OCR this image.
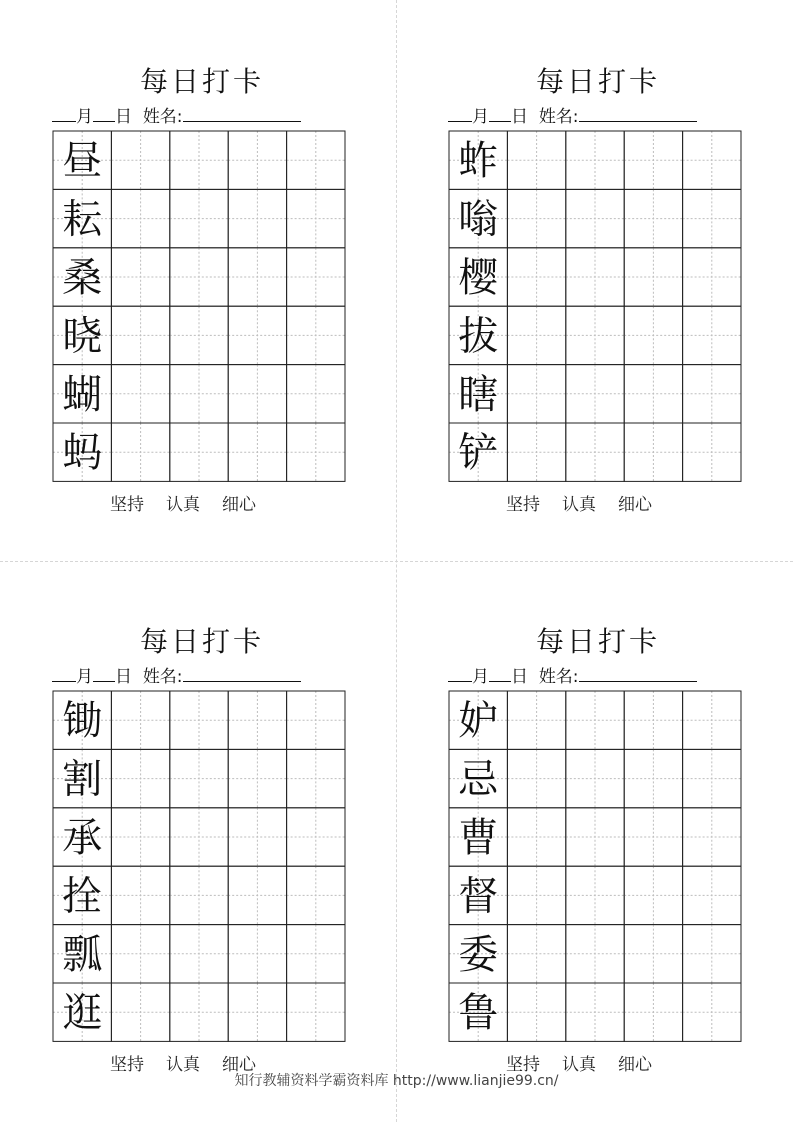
每日打卡
月 日 姓名:
坚持 认真 细心
昼
耘
桑
晓
蝴
蚂
每日打卡
月 日 姓名:
坚持 认真 细心
蚱
嗡
樱
拔
瞎
铲
每日打卡
月 日 姓名:
坚持 认真 细心
锄
割
承
拴
瓢
逛
每日打卡
月 日 姓名:
坚持 认真 细心
妒
忌
曹
督
委
鲁
知行教辅资料学霸资料库 http://www.lianjie99.cn/
